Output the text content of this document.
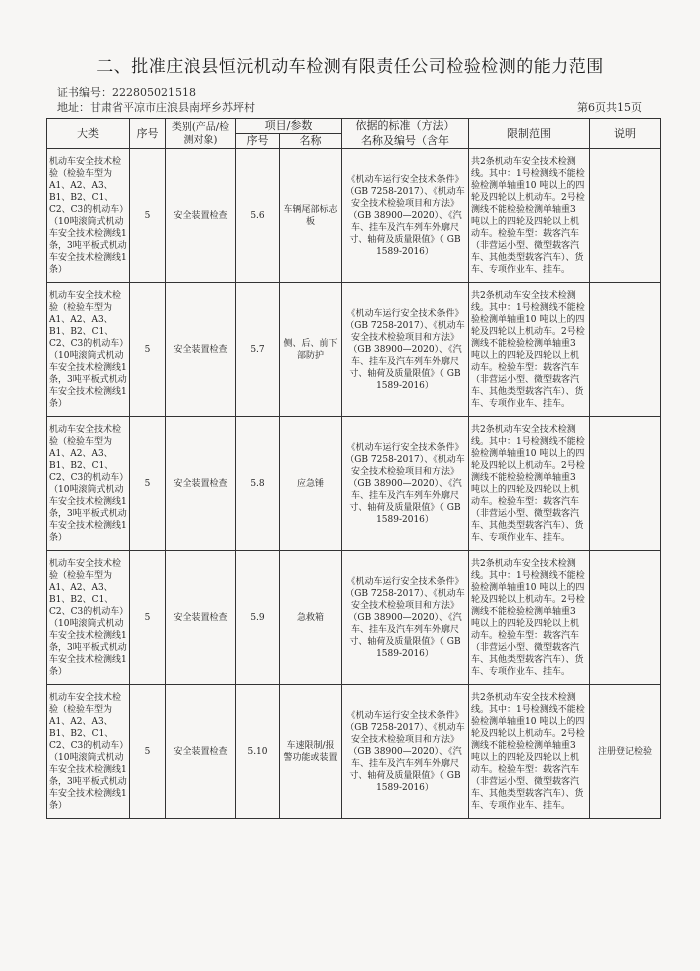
二、批准庄浪县恒沅机动车检测有限责任公司检验检测的能力范围
证书编号：222805021518
地址：甘肃省平凉市庄浪县南坪乡苏坪村	第6页共15页
大类	序号	类别(产品/检测对象)	项目/参数		依据的标准（方法）	限制范围	说明
			序号	名称	名称及编号（含年		
机动车安全技术检验（检验车型为A1、A2、A3、B1、B2、C1、C2、C3的机动车）（10吨滚筒式机动车安全技术检测线1条，3吨平板式机动车安全技术检测线1条）	5	安全装置检查	5.6	车辆尾部标志板	《机动车运行安全技术条件》（GB 7258-2017）、《机动车安全技术检验项目和方法》（GB 38900—2020）、《汽车、挂车及汽车列车外廓尺寸、轴荷及质量限值》（ GB 1589-2016）	共2条机动车安全技术检测线。其中：1号检测线不能检验检测单轴重10 吨以上的四轮及四轮以上机动车。2号检测线不能检验检测单轴重3 吨以上的四轮及四轮以上机动车。检验车型：载客汽车（非营运小型、微型载客汽车、其他类型载客汽车）、货车、专项作业车、挂车。	
机动车安全技术检验（检验车型为A1、A2、A3、B1、B2、C1、C2、C3的机动车）（10吨滚筒式机动车安全技术检测线1条，3吨平板式机动车安全技术检测线1条）	5	安全装置检查	5.7	侧、后、前下部防护	《机动车运行安全技术条件》（GB 7258-2017）、《机动车安全技术检验项目和方法》（GB 38900—2020）、《汽车、挂车及汽车列车外廓尺寸、轴荷及质量限值》（ GB 1589-2016）	共2条机动车安全技术检测线。其中：1号检测线不能检验检测单轴重10 吨以上的四轮及四轮以上机动车。2号检测线不能检验检测单轴重3 吨以上的四轮及四轮以上机动车。检验车型：载客汽车（非营运小型、微型载客汽车、其他类型载客汽车）、货车、专项作业车、挂车。	
机动车安全技术检验（检验车型为A1、A2、A3、B1、B2、C1、C2、C3的机动车）（10吨滚筒式机动车安全技术检测线1条，3吨平板式机动车安全技术检测线1条）	5	安全装置检查	5.8	应急锤	《机动车运行安全技术条件》（GB 7258-2017）、《机动车安全技术检验项目和方法》（GB 38900—2020）、《汽车、挂车及汽车列车外廓尺寸、轴荷及质量限值》（ GB 1589-2016）	共2条机动车安全技术检测线。其中：1号检测线不能检验检测单轴重10 吨以上的四轮及四轮以上机动车。2号检测线不能检验检测单轴重3 吨以上的四轮及四轮以上机动车。检验车型：载客汽车（非营运小型、微型载客汽车、其他类型载客汽车）、货车、专项作业车、挂车。	
机动车安全技术检验（检验车型为A1、A2、A3、B1、B2、C1、C2、C3的机动车）（10吨滚筒式机动车安全技术检测线1条，3吨平板式机动车安全技术检测线1条）	5	安全装置检查	5.9	急救箱	《机动车运行安全技术条件》（GB 7258-2017）、《机动车安全技术检验项目和方法》（GB 38900—2020）、《汽车、挂车及汽车列车外廓尺寸、轴荷及质量限值》（ GB 1589-2016）	共2条机动车安全技术检测线。其中：1号检测线不能检验检测单轴重10 吨以上的四轮及四轮以上机动车。2号检测线不能检验检测单轴重3 吨以上的四轮及四轮以上机动车。检验车型：载客汽车（非营运小型、微型载客汽车、其他类型载客汽车）、货车、专项作业车、挂车。	
机动车安全技术检验（检验车型为A1、A2、A3、B1、B2、C1、C2、C3的机动车）（10吨滚筒式机动车安全技术检测线1条，3吨平板式机动车安全技术检测线1条）	5	安全装置检查	5.10	车速限制/报警功能或装置	《机动车运行安全技术条件》（GB 7258-2017）、《机动车安全技术检验项目和方法》（GB 38900—2020）、《汽车、挂车及汽车列车外廓尺寸、轴荷及质量限值》（ GB 1589-2016）	共2条机动车安全技术检测线。其中：1号检测线不能检验检测单轴重10 吨以上的四轮及四轮以上机动车。2号检测线不能检验检测单轴重3 吨以上的四轮及四轮以上机动车。检验车型：载客汽车（非营运小型、微型载客汽车、其他类型载客汽车）、货车、专项作业车、挂车。	注册登记检验
